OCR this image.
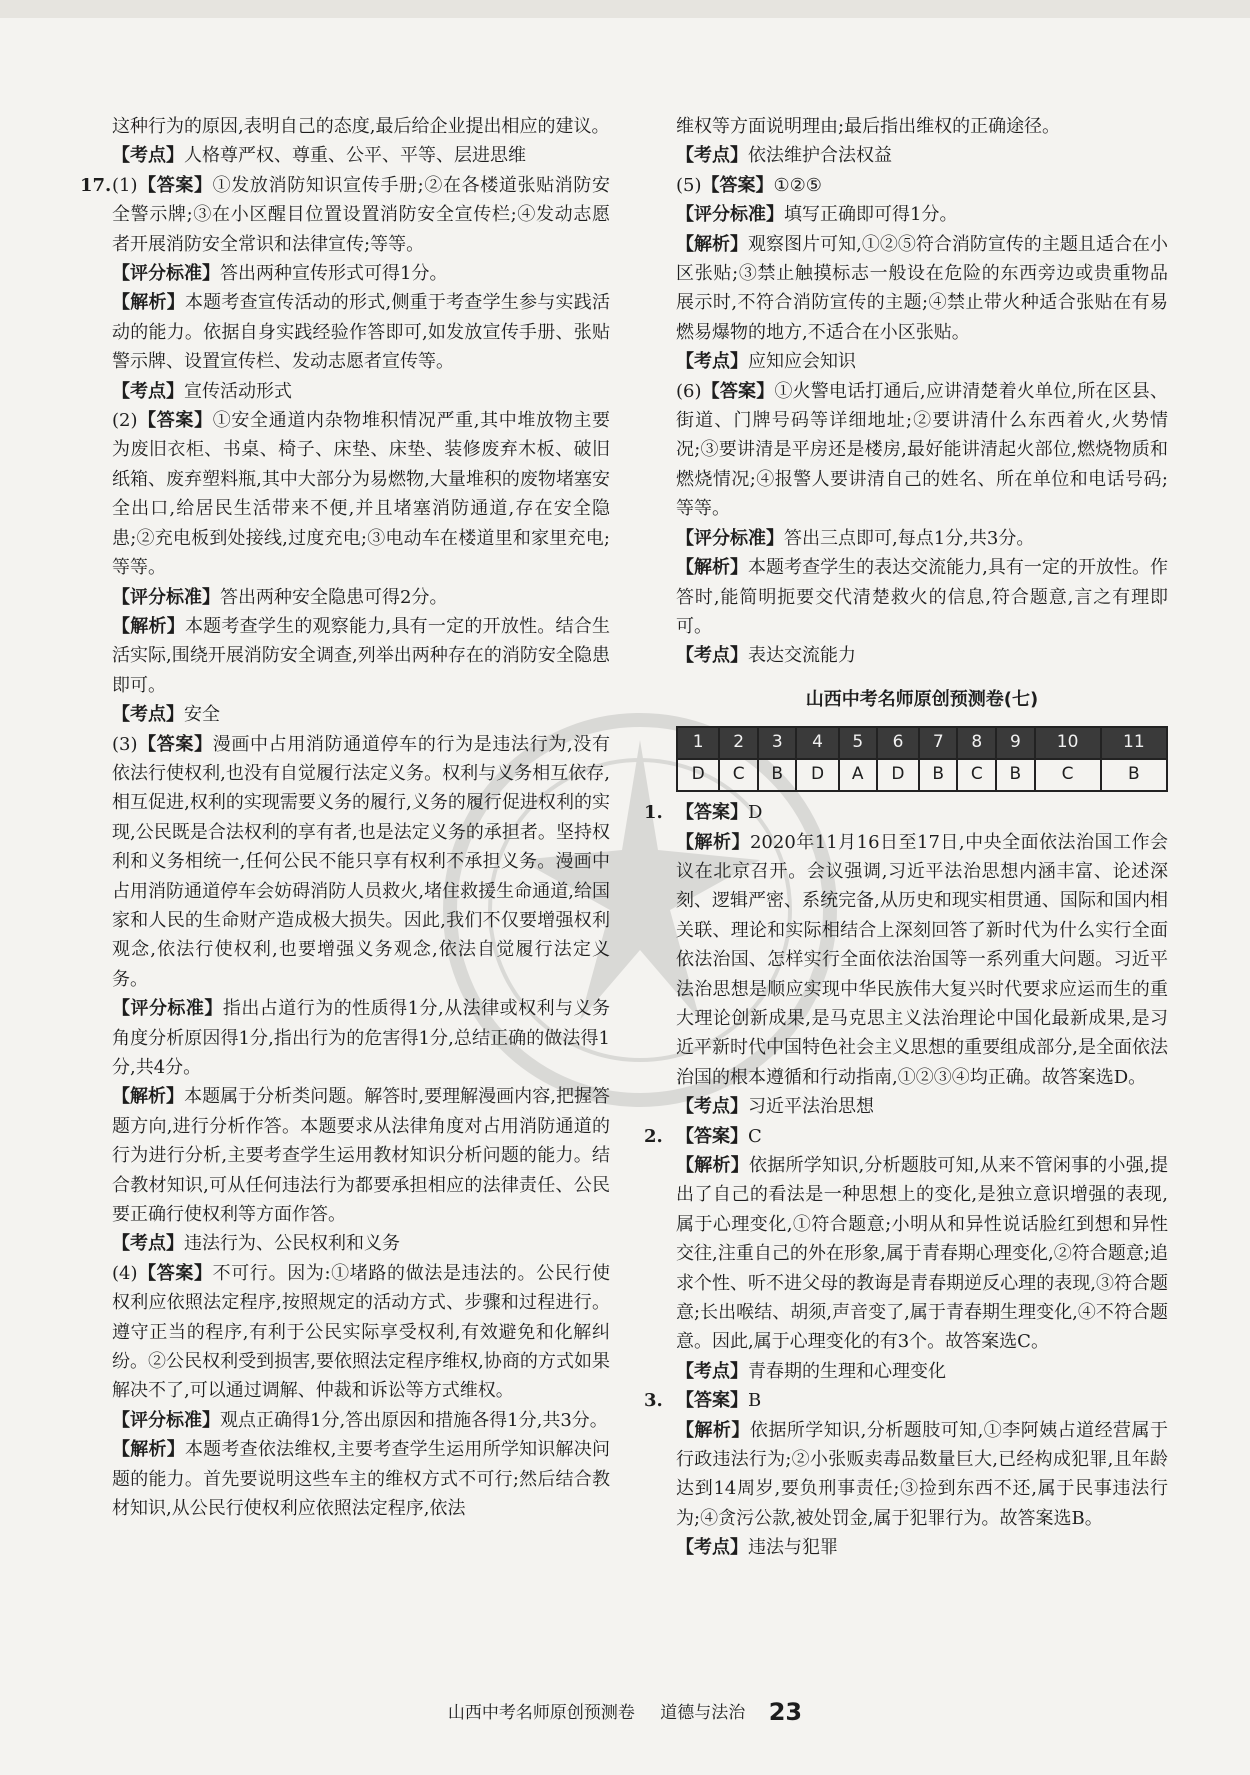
这种行为的原因,表明自己的态度,最后给企业提出相应的建议。

【考点】人格尊严权、尊重、公平、平等、层进思维

17. (1)【答案】①发放消防知识宣传手册;②在各楼道张贴消防安全警示牌;③在小区醒目位置设置消防安全宣传栏;④发动志愿者开展消防安全常识和法律宣传;等等。

【评分标准】答出两种宣传形式可得1分。

【解析】本题考查宣传活动的形式,侧重于考查学生参与实践活动的能力。依据自身实践经验作答即可,如发放宣传手册、张贴警示牌、设置宣传栏、发动志愿者宣传等。

【考点】宣传活动形式

(2)【答案】①安全通道内杂物堆积情况严重,其中堆放物主要为废旧衣柜、书桌、椅子、床垫、床垫、装修废弃木板、破旧纸箱、废弃塑料瓶,其中大部分为易燃物,大量堆积的废物堵塞安全出口,给居民生活带来不便,并且堵塞消防通道,存在安全隐患;②充电板到处接线,过度充电;③电动车在楼道里和家里充电;等等。

【评分标准】答出两种安全隐患可得2分。

【解析】本题考查学生的观察能力,具有一定的开放性。结合生活实际,围绕开展消防安全调查,列举出两种存在的消防安全隐患即可。

【考点】安全

(3)【答案】漫画中占用消防通道停车的行为是违法行为,没有依法行使权利,也没有自觉履行法定义务。权利与义务相互依存,相互促进,权利的实现需要义务的履行,义务的履行促进权利的实现,公民既是合法权利的享有者,也是法定义务的承担者。坚持权利和义务相统一,任何公民不能只享有权利不承担义务。漫画中占用消防通道停车会妨碍消防人员救火,堵住救援生命通道,给国家和人民的生命财产造成极大损失。因此,我们不仅要增强权利观念,依法行使权利,也要增强义务观念,依法自觉履行法定义务。

【评分标准】指出占道行为的性质得1分,从法律或权利与义务角度分析原因得1分,指出行为的危害得1分,总结正确的做法得1分,共4分。

【解析】本题属于分析类问题。解答时,要理解漫画内容,把握答题方向,进行分析作答。本题要求从法律角度对占用消防通道的行为进行分析,主要考查学生运用教材知识分析问题的能力。结合教材知识,可从任何违法行为都要承担相应的法律责任、公民要正确行使权利等方面作答。

【考点】违法行为、公民权利和义务

(4)【答案】不可行。因为:①堵路的做法是违法的。公民行使权利应依照法定程序,按照规定的活动方式、步骤和过程进行。遵守正当的程序,有利于公民实际享受权利,有效避免和化解纠纷。②公民权利受到损害,要依照法定程序维权,协商的方式如果解决不了,可以通过调解、仲裁和诉讼等方式维权。

【评分标准】观点正确得1分,答出原因和措施各得1分,共3分。

【解析】本题考查依法维权,主要考查学生运用所学知识解决问题的能力。首先要说明这些车主的维权方式不可行;然后结合教材知识,从公民行使权利应依照法定程序,依法

维权等方面说明理由;最后指出维权的正确途径。

【考点】依法维护合法权益

(5)【答案】①②⑤

【评分标准】填写正确即可得1分。

【解析】观察图片可知,①②⑤符合消防宣传的主题且适合在小区张贴;③禁止触摸标志一般设在危险的东西旁边或贵重物品展示时,不符合消防宣传的主题;④禁止带火种适合张贴在有易燃易爆物的地方,不适合在小区张贴。

【考点】应知应会知识

(6)【答案】①火警电话打通后,应讲清楚着火单位,所在区县、街道、门牌号码等详细地址;②要讲清什么东西着火,火势情况;③要讲清是平房还是楼房,最好能讲清起火部位,燃烧物质和燃烧情况;④报警人要讲清自己的姓名、所在单位和电话号码;等等。

【评分标准】答出三点即可,每点1分,共3分。

【解析】本题考查学生的表达交流能力,具有一定的开放性。作答时,能简明扼要交代清楚救火的信息,符合题意,言之有理即可。

【考点】表达交流能力

山西中考名师原创预测卷(七)
1	2	3	4	5	6	7	8	9	10	11
D	C	B	D	A	D	B	C	B	C	B

1. 【答案】D

【解析】2020年11月16日至17日,中央全面依法治国工作会议在北京召开。会议强调,习近平法治思想内涵丰富、论述深刻、逻辑严密、系统完备,从历史和现实相贯通、国际和国内相关联、理论和实际相结合上深刻回答了新时代为什么实行全面依法治国、怎样实行全面依法治国等一系列重大问题。习近平法治思想是顺应实现中华民族伟大复兴时代要求应运而生的重大理论创新成果,是马克思主义法治理论中国化最新成果,是习近平新时代中国特色社会主义思想的重要组成部分,是全面依法治国的根本遵循和行动指南,①②③④均正确。故答案选D。

【考点】习近平法治思想

2. 【答案】C

【解析】依据所学知识,分析题肢可知,从来不管闲事的小强,提出了自己的看法是一种思想上的变化,是独立意识增强的表现,属于心理变化,①符合题意;小明从和异性说话脸红到想和异性交往,注重自己的外在形象,属于青春期心理变化,②符合题意;追求个性、听不进父母的教诲是青春期逆反心理的表现,③符合题意;长出喉结、胡须,声音变了,属于青春期生理变化,④不符合题意。因此,属于心理变化的有3个。故答案选C。

【考点】青春期的生理和心理变化

3. 【答案】B

【解析】依据所学知识,分析题肢可知,①李阿姨占道经营属于行政违法行为;②小张贩卖毒品数量巨大,已经构成犯罪,且年龄达到14周岁,要负刑事责任;③捡到东西不还,属于民事违法行为;④贪污公款,被处罚金,属于犯罪行为。故答案选B。

【考点】违法与犯罪

山西中考名师原创预测卷 道德与法治 23
